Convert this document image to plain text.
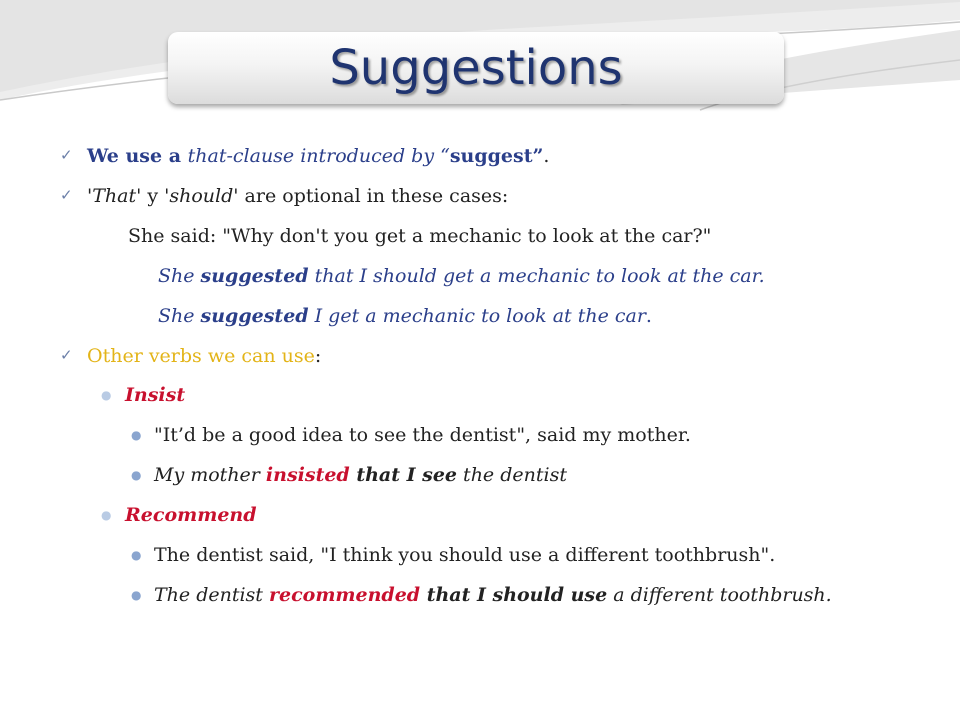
Suggestions
✓ We use a that-clause introduced by “suggest”.
✓ 'That' y 'should' are optional in these cases:
She said: "Why don't you get a mechanic to look at the car?"
She suggested that I should get a mechanic to look at the car.
She suggested I get a mechanic to look at the car.
✓ Other verbs we can use:
● Insist
● "It’d be a good idea to see the dentist", said my mother.
● My mother insisted that I see the dentist
● Recommend
● The dentist said, "I think you should use a different toothbrush".
● The dentist recommended that I should use a different toothbrush.
